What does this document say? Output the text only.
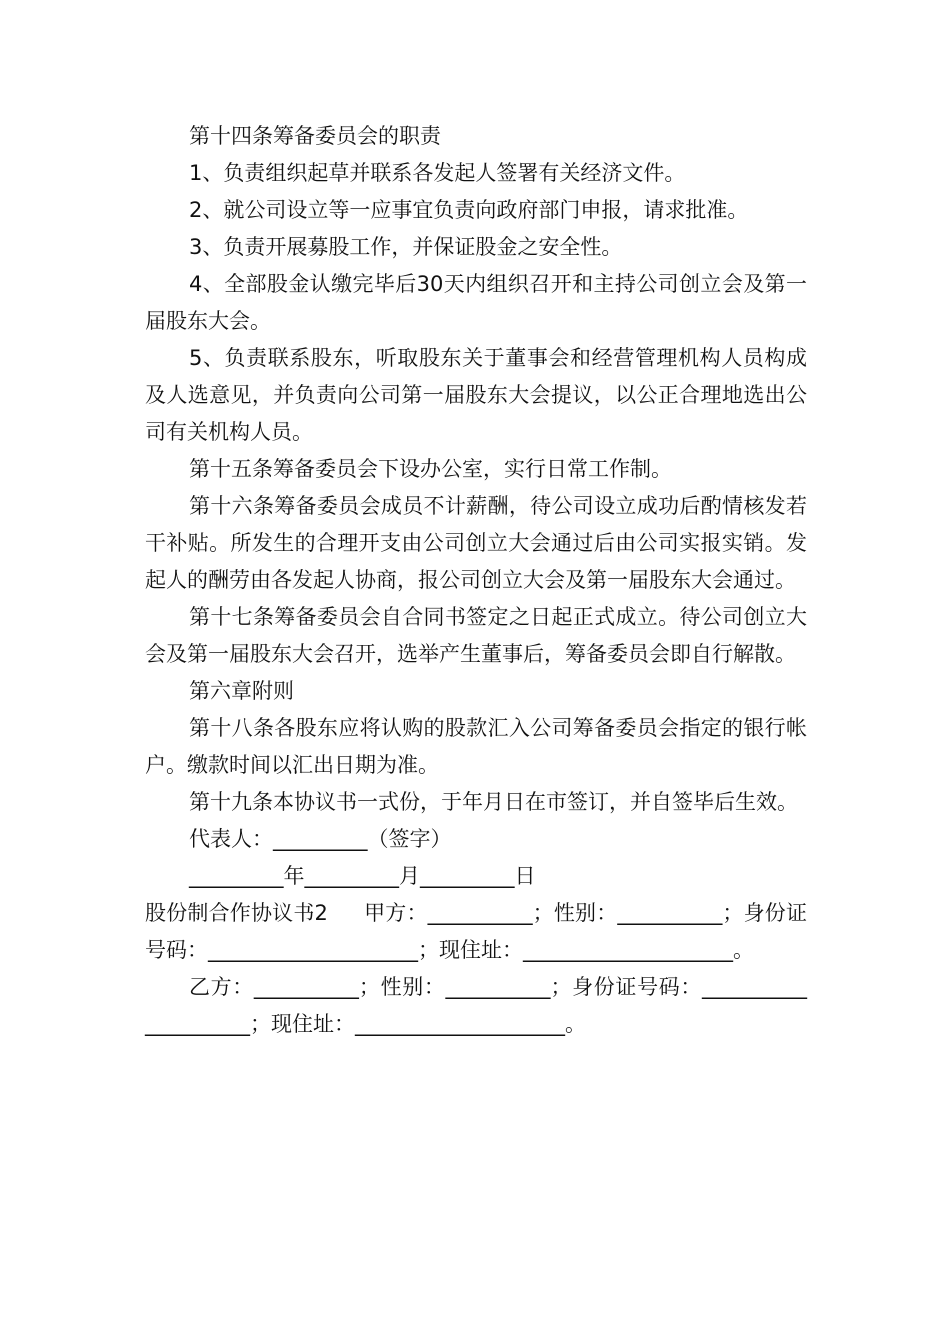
第十四条筹备委员会的职责

1、负责组织起草并联系各发起人签署有关经济文件。

2、就公司设立等一应事宜负责向政府部门申报，请求批准。

3、负责开展募股工作，并保证股金之安全性。

4、全部股金认缴完毕后30天内组织召开和主持公司创立会及第一届股东大会。

5、负责联系股东，听取股东关于董事会和经营管理机构人员构成及人选意见，并负责向公司第一届股东大会提议，以公正合理地选出公司有关机构人员。

第十五条筹备委员会下设办公室，实行日常工作制。

第十六条筹备委员会成员不计薪酬，待公司设立成功后酌情核发若干补贴。所发生的合理开支由公司创立大会通过后由公司实报实销。发起人的酬劳由各发起人协商，报公司创立大会及第一届股东大会通过。

第十七条筹备委员会自合同书签定之日起正式成立。待公司创立大会及第一届股东大会召开，选举产生董事后，筹备委员会即自行解散。

第六章附则

第十八条各股东应将认购的股款汇入公司筹备委员会指定的银行帐户。缴款时间以汇出日期为准。

第十九条本协议书一式份，于年月日在市签订，并自签毕后生效。

代表人：_________（签字）

_________年_________月_________日

股份制合作协议书2 甲方：__________；性别：__________；身份证号码：____________________；现住址：____________________。

乙方：__________；性别：__________；身份证号码：____________________；现住址：____________________。
